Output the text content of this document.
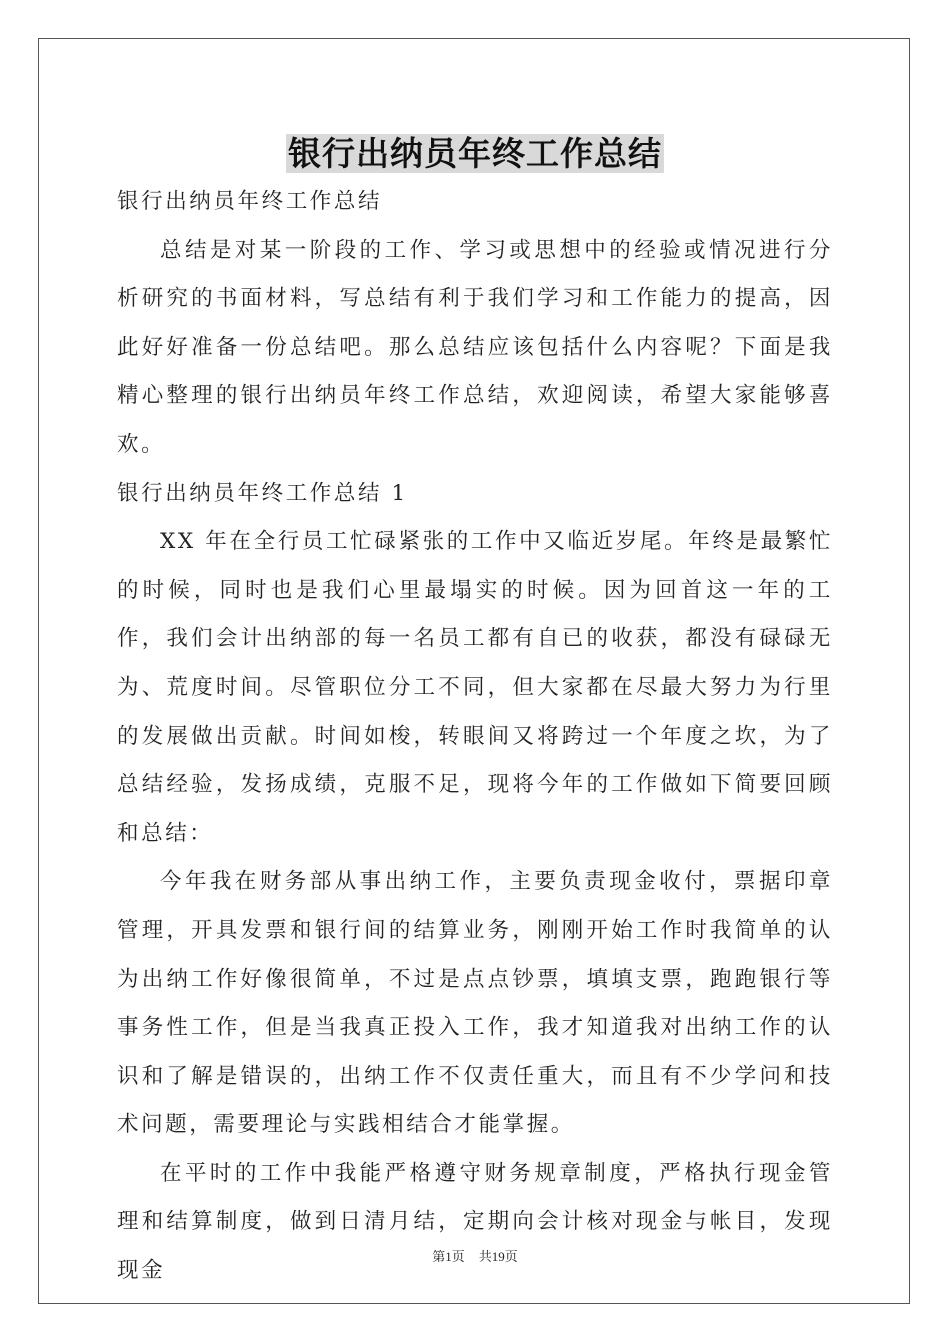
银行出纳员年终工作总结

银行出纳员年终工作总结

总结是对某一阶段的工作、学习或思想中的经验或情况进行分析研究的书面材料，写总结有利于我们学习和工作能力的提高，因此好好准备一份总结吧。那么总结应该包括什么内容呢？下面是我精心整理的银行出纳员年终工作总结，欢迎阅读，希望大家能够喜欢。

银行出纳员年终工作总结 1

XX 年在全行员工忙碌紧张的工作中又临近岁尾。年终是最繁忙的时候，同时也是我们心里最塌实的时候。因为回首这一年的工作，我们会计出纳部的每一名员工都有自已的收获，都没有碌碌无为、荒度时间。尽管职位分工不同，但大家都在尽最大努力为行里的发展做出贡献。时间如梭，转眼间又将跨过一个年度之坎，为了总结经验，发扬成绩，克服不足，现将今年的工作做如下简要回顾和总结：

今年我在财务部从事出纳工作，主要负责现金收付，票据印章管理，开具发票和银行间的结算业务，刚刚开始工作时我简单的认为出纳工作好像很简单，不过是点点钞票，填填支票，跑跑银行等事务性工作，但是当我真正投入工作，我才知道我对出纳工作的认识和了解是错误的，出纳工作不仅责任重大，而且有不少学问和技术问题，需要理论与实践相结合才能掌握。

在平时的工作中我能严格遵守财务规章制度，严格执行现金管理和结算制度，做到日清月结，定期向会计核对现金与帐目，发现现金

第1页 共19页
